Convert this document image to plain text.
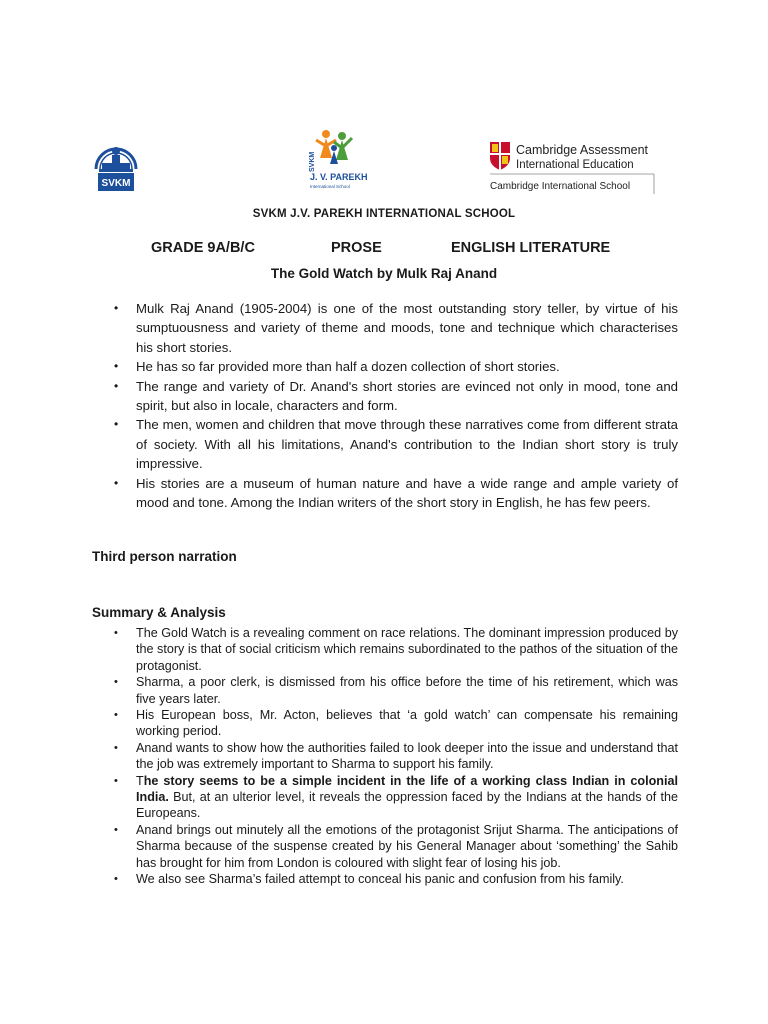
SVKM
SVKM
J. V. PAREKH
International School
Cambridge Assessment
International Education
Cambridge International School
SVKM J.V. PAREKH INTERNATIONAL SCHOOL
GRADE 9A/B/C	PROSE	ENGLISH LITERATURE
The Gold Watch by Mulk Raj Anand
• Mulk Raj Anand (1905-2004) is one of the most outstanding story teller, by virtue of his sumptuousness and variety of theme and moods, tone and technique which characterises his short stories.
• He has so far provided more than half a dozen collection of short stories.
• The range and variety of Dr. Anand's short stories are evinced not only in mood, tone and spirit, but also in locale, characters and form.
• The men, women and children that move through these narratives come from different strata of society. With all his limitations, Anand's contribution to the Indian short story is truly impressive.
• His stories are a museum of human nature and have a wide range and ample variety of mood and tone. Among the Indian writers of the short story in English, he has few peers.
Third person narration
Summary & Analysis
• The Gold Watch is a revealing comment on race relations. The dominant impression produced by the story is that of social criticism which remains subordinated to the pathos of the situation of the protagonist.
• Sharma, a poor clerk, is dismissed from his office before the time of his retirement, which was five years later.
• His European boss, Mr. Acton, believes that ‘a gold watch’ can compensate his remaining working period.
• Anand wants to show how the authorities failed to look deeper into the issue and understand that the job was extremely important to Sharma to support his family.
• The story seems to be a simple incident in the life of a working class Indian in colonial India. But, at an ulterior level, it reveals the oppression faced by the Indians at the hands of the Europeans.
• Anand brings out minutely all the emotions of the protagonist Srijut Sharma. The anticipations of Sharma because of the suspense created by his General Manager about ‘something’ the Sahib has brought for him from London is coloured with slight fear of losing his job.
• We also see Sharma’s failed attempt to conceal his panic and confusion from his family.
